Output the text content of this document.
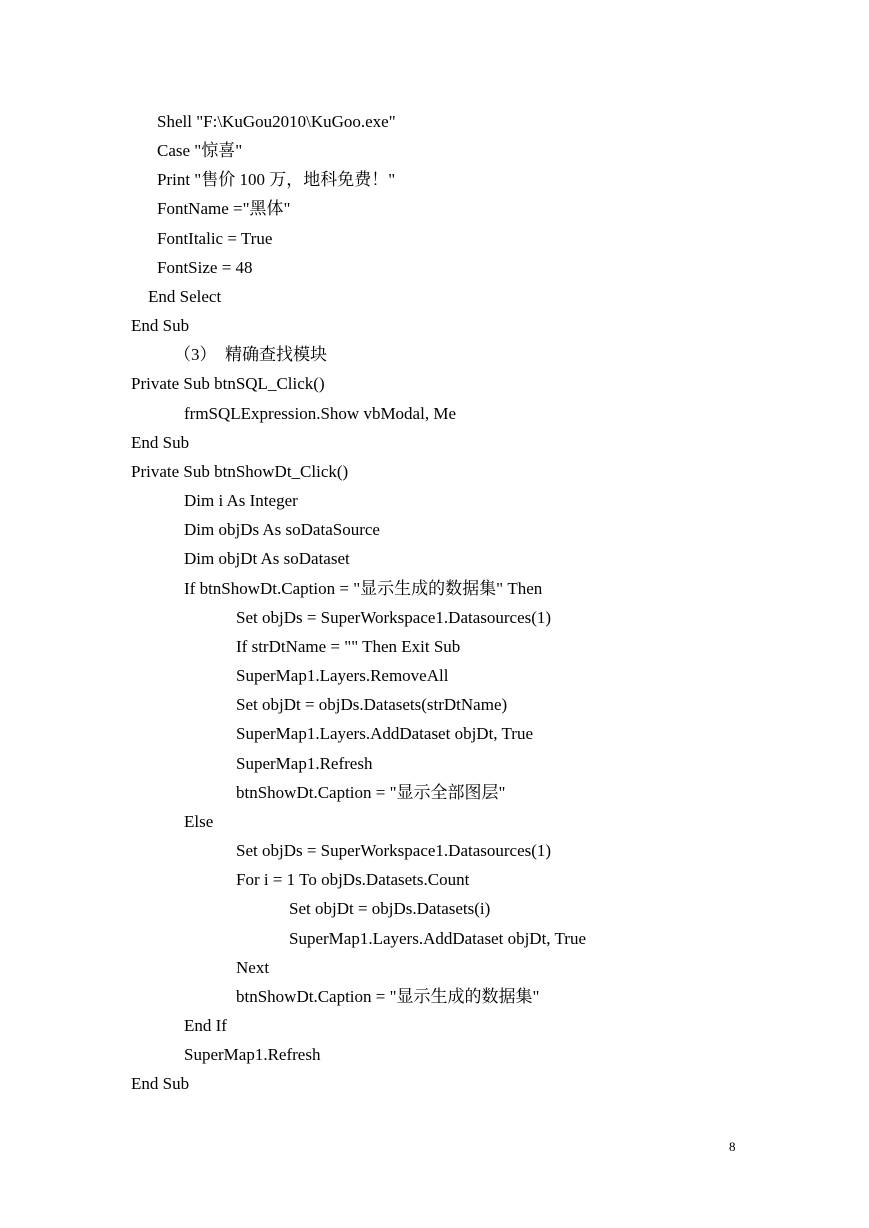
Shell "F:\KuGou2010\KuGoo.exe"
Case "惊喜"
Print "售价 100 万，地科免费！"
FontName ="黑体"
FontItalic = True
FontSize = 48
End Select
End Sub
（3）  精确查找模块
Private Sub btnSQL_Click()
frmSQLExpression.Show vbModal, Me
End Sub
Private Sub btnShowDt_Click()
Dim i As Integer
Dim objDs As soDataSource
Dim objDt As soDataset
If btnShowDt.Caption = "显示生成的数据集" Then
Set objDs = SuperWorkspace1.Datasources(1)
If strDtName = "" Then Exit Sub
SuperMap1.Layers.RemoveAll
Set objDt = objDs.Datasets(strDtName)
SuperMap1.Layers.AddDataset objDt, True
SuperMap1.Refresh
btnShowDt.Caption = "显示全部图层"
Else
Set objDs = SuperWorkspace1.Datasources(1)
For i = 1 To objDs.Datasets.Count
Set objDt = objDs.Datasets(i)
SuperMap1.Layers.AddDataset objDt, True
Next
btnShowDt.Caption = "显示生成的数据集"
End If
SuperMap1.Refresh
End Sub
8
